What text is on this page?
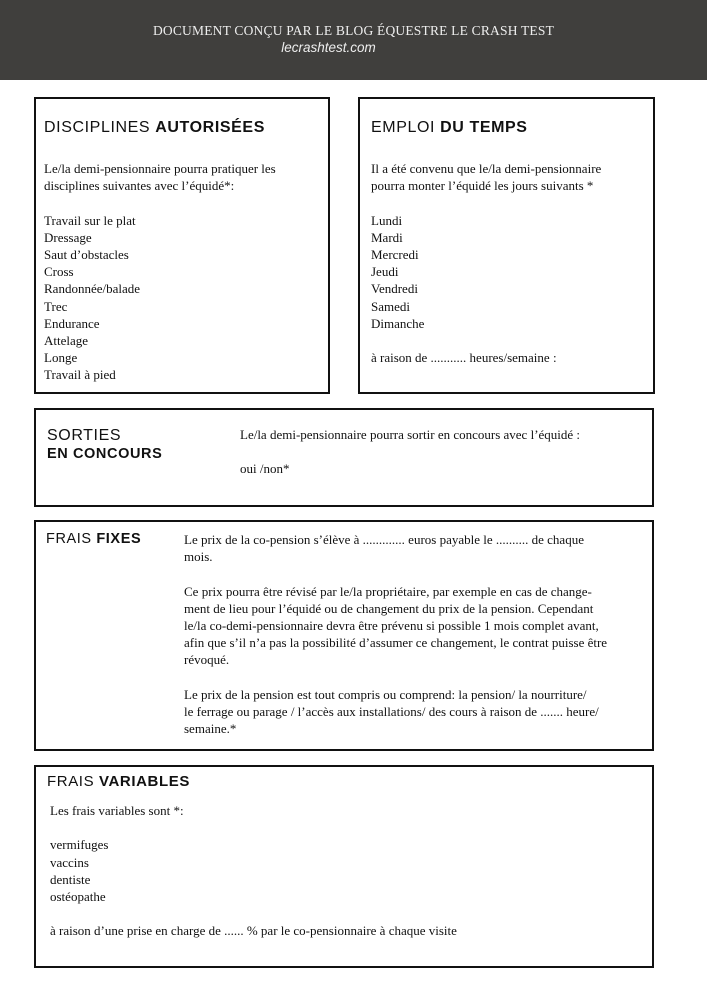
DOCUMENT CONÇU PAR LE BLOG ÉQUESTRE LE CRASH TEST
lecrashtest.com
DISCIPLINES AUTORISÉES
Le/la demi-pensionnaire pourra pratiquer les
disciplines suivantes avec l’équidé*:
Travail sur le plat
Dressage
Saut d’obstacles
Cross
Randonnée/balade
Trec
Endurance
Attelage
Longe
Travail à pied
EMPLOI DU TEMPS
Il a été convenu que le/la demi-pensionnaire
pourra monter l’équidé les jours suivants *
Lundi
Mardi
Mercredi
Jeudi
Vendredi
Samedi
Dimanche
à raison de ........... heures/semaine :
SORTIES
EN CONCOURS
Le/la demi-pensionnaire pourra sortir en concours avec l’équidé :
oui /non*
FRAIS FIXES	Le prix de la co-pension s’élève à ............. euros payable le .......... de chaque
mois.
Ce prix pourra être révisé par le/la propriétaire, par exemple en cas de change-
ment de lieu pour l’équidé ou de changement du prix de la pension. Cependant
le/la co-demi-pensionnaire devra être prévenu si possible 1 mois complet avant,
afin que s’il n’a pas la possibilité d’assumer ce changement, le contrat puisse être
révoqué.
Le prix de la pension est tout compris ou comprend: la pension/ la nourriture/
le ferrage ou parage / l’accès aux installations/ des cours à raison de ....... heure/
semaine.*
FRAIS VARIABLES
Les frais variables sont *:
vermifuges
vaccins
dentiste
ostéopathe
à raison d’une prise en charge de ...... % par le co-pensionnaire à chaque visite
